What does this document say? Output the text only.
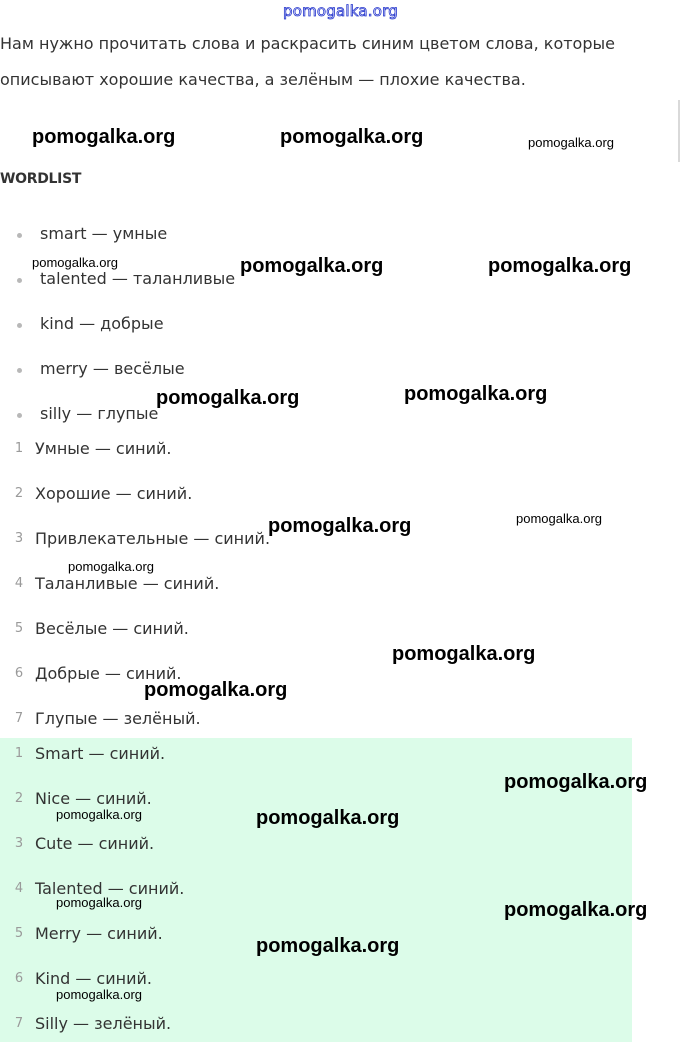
pomogalka.org

Нам нужно прочитать слова и раскрасить синим цветом слова, которые

описывают хорошие качества, а зелёным — плохие качества.

WORDLIST
smart — умные
talented — таланливые
kind — добрые
merry — весёлые
silly — глупые
1 Умные — синий.
2 Хорошие — синий.
3 Привлекательные — синий.
4 Таланливые — синий.
5 Весёлые — синий.
6 Добрые — синий.
7 Глупые — зелёный.
1 Smart — синий.
2 Nice — синий.
3 Cute — синий.
4 Talented — синий.
5 Merry — синий.
6 Kind — синий.
7 Silly — зелёный.
pomogalka.org	pomogalka.org	pomogalka.org
pomogalka.org	pomogalka.org	pomogalka.org
pomogalka.org	pomogalka.org
pomogalka.org	pomogalka.org
pomogalka.org
pomogalka.org
pomogalka.org
pomogalka.org
pomogalka.org	pomogalka.org
pomogalka.org	pomogalka.org
pomogalka.org
pomogalka.org
